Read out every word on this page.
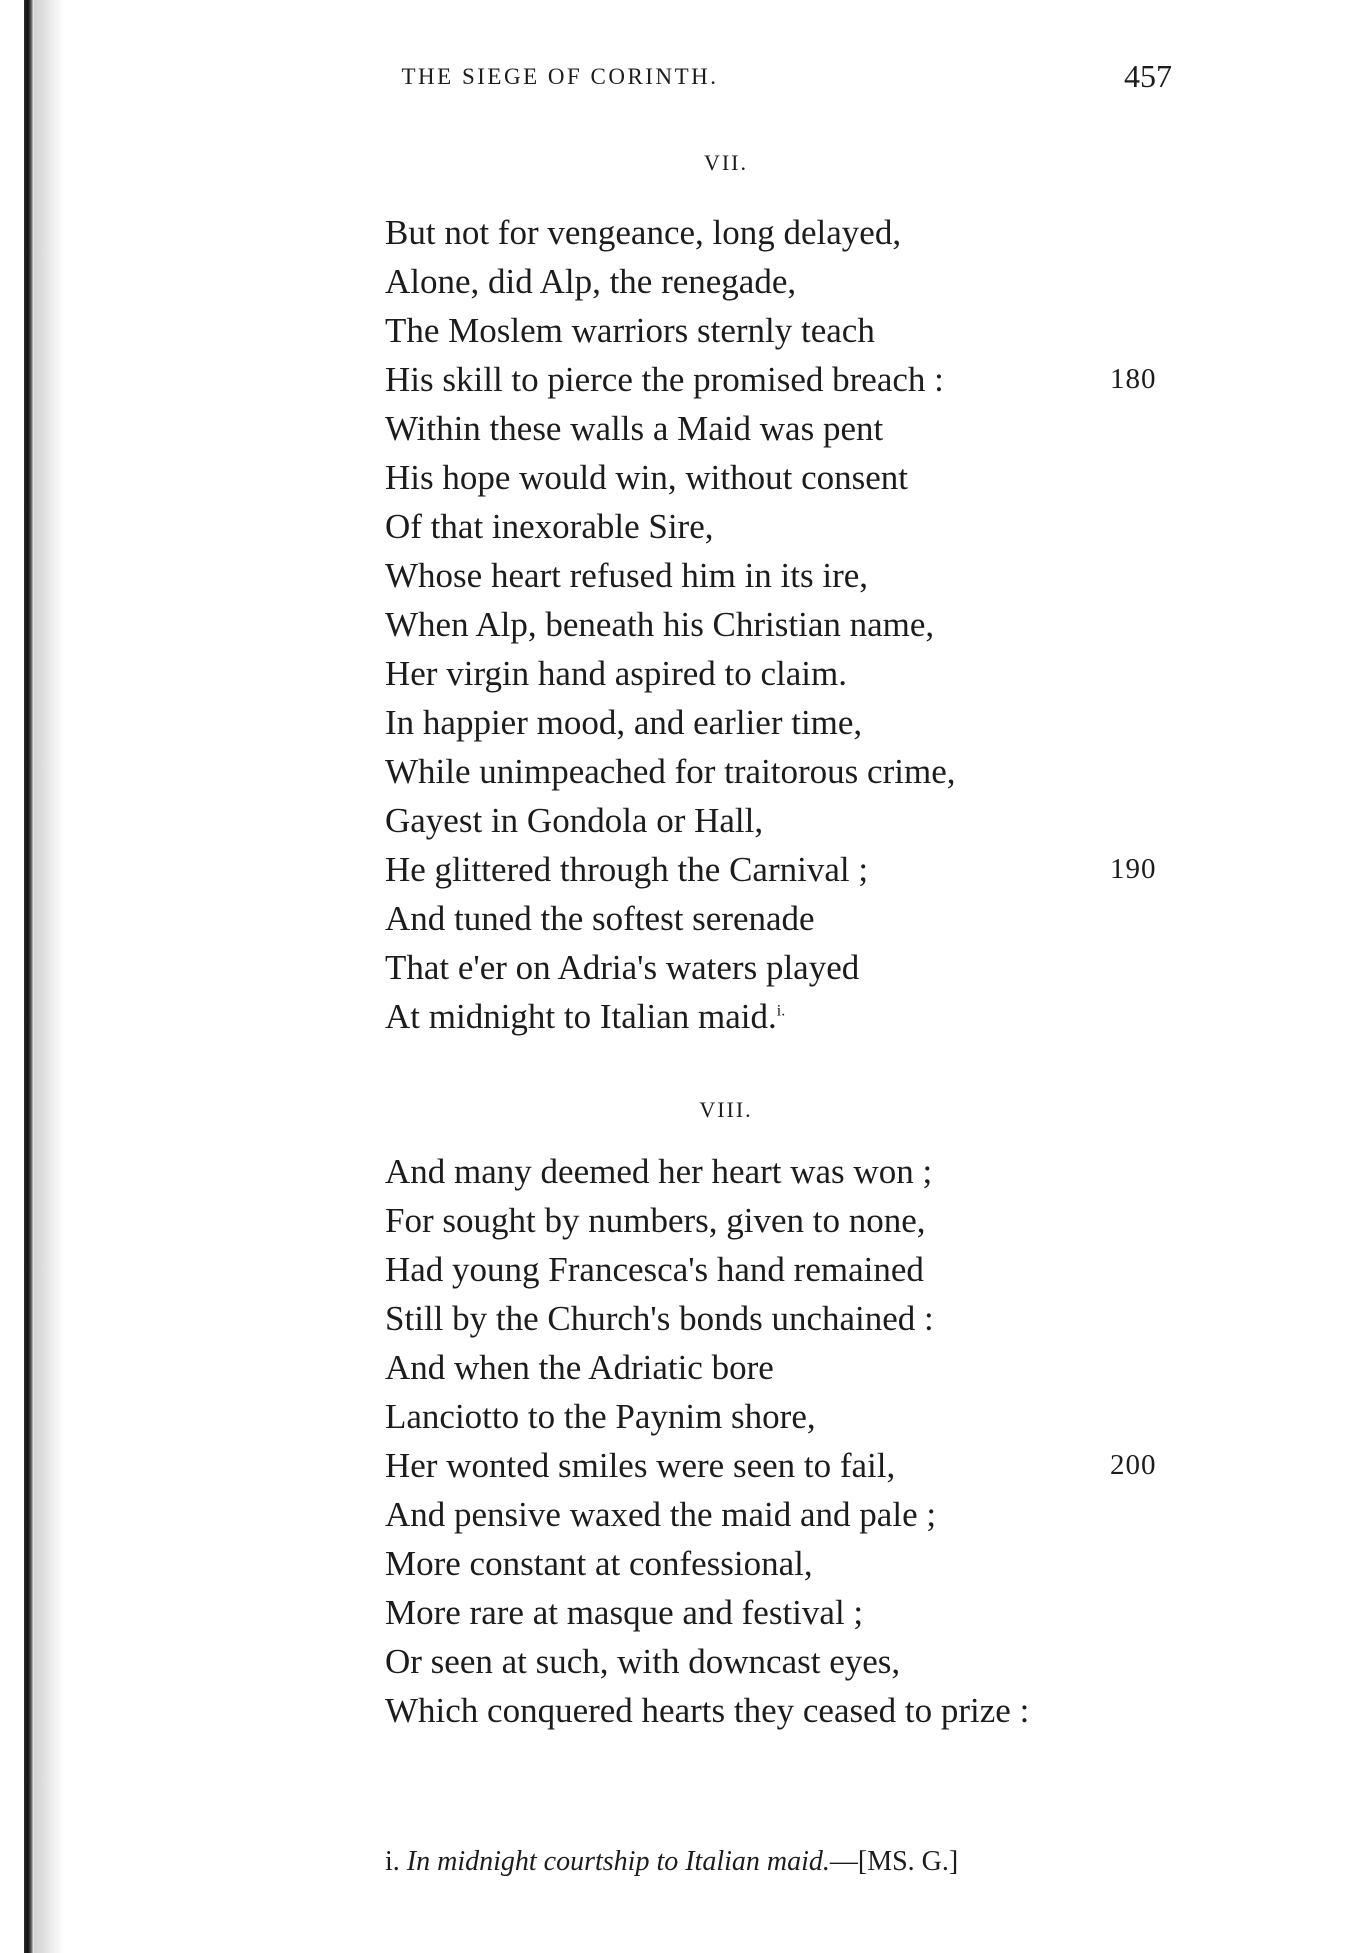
THE SIEGE OF CORINTH.	457
VII.
But not for vengeance, long delayed,
Alone, did Alp, the renegade,
The Moslem warriors sternly teach
His skill to pierce the promised breach :	180
Within these walls a Maid was pent
His hope would win, without consent
Of that inexorable Sire,
Whose heart refused him in its ire,
When Alp, beneath his Christian name,
Her virgin hand aspired to claim.
In happier mood, and earlier time,
While unimpeached for traitorous crime,
Gayest in Gondola or Hall,
He glittered through the Carnival ;	190
And tuned the softest serenade
That e'er on Adria's waters played
At midnight to Italian maid.$^{i.}$
VIII.
And many deemed her heart was won ;
For sought by numbers, given to none,
Had young Francesca's hand remained
Still by the Church's bonds unchained :
And when the Adriatic bore
Lanciotto to the Paynim shore,
Her wonted smiles were seen to fail,	200
And pensive waxed the maid and pale ;
More constant at confessional,
More rare at masque and festival ;
Or seen at such, with downcast eyes,
Which conquered hearts they ceased to prize :
i. In midnight courtship to Italian maid.—[MS. G.]
